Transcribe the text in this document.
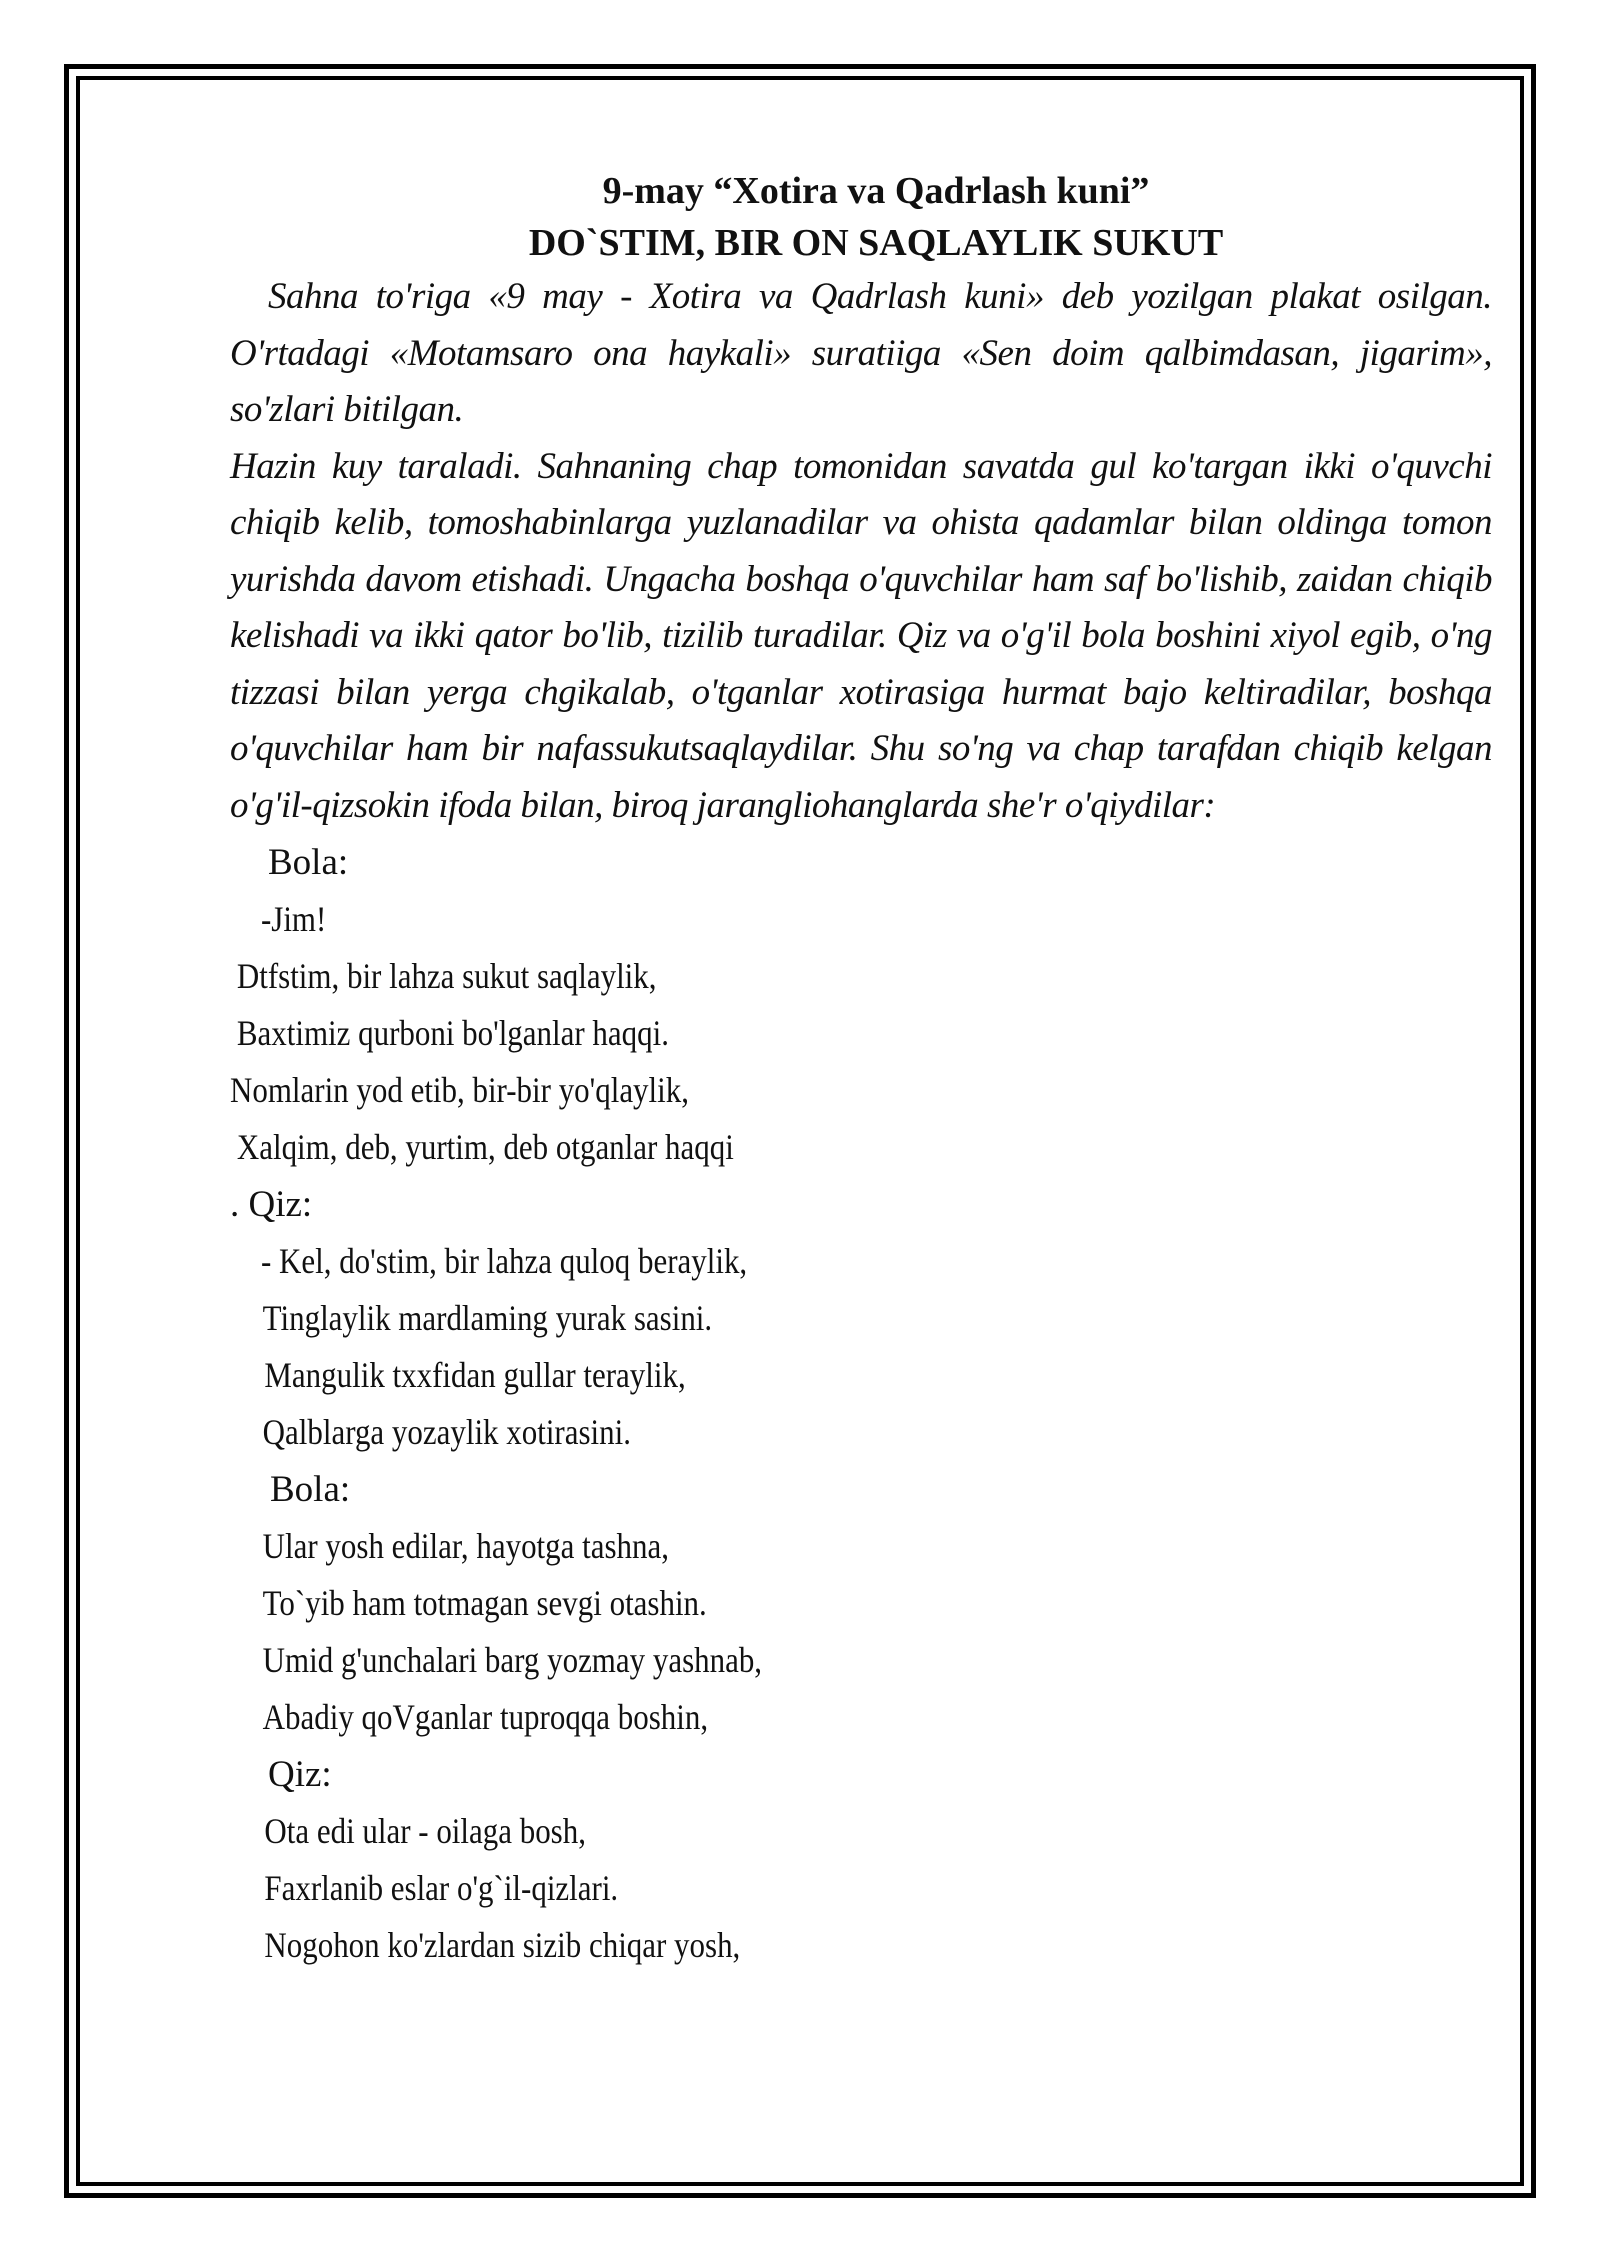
9-may “Xotira va Qadrlash kuni”
DO`STIM, BIR ON SAQLAYLIK SUKUT

Sahna to'riga «9 may - Xotira va Qadrlash kuni» deb yozilgan plakat osilgan. O'rtadagi «Motamsaro ona haykali» suratiiga «Sen doim qalbimdasan, jigarim», so'zlari bitilgan.

Hazin kuy taraladi. Sahnaning chap tomonidan savatda gul ko'targan ikki o'quvchi chiqib kelib, tomoshabinlarga yuzlanadilar va ohista qadamlar bilan oldinga tomon yurishda davom etishadi. Ungacha boshqa o'quvchilar ham saf bo'lishib, zaidan chiqib kelishadi va ikki qator bo'lib, tizilib turadilar. Qiz va o'g'il bola boshini xiyol egib, o'ng tizzasi bilan yerga chgikalab, o'tganlar xotirasiga hurmat bajo keltiradilar, boshqa o'quvchilar ham bir nafassukutsaqlaydilar. Shu so'ng va chap tarafdan chiqib kelgan o'g'il-qizsokin ifoda bilan, biroq jarangliohanglarda she'r o'qiydilar:

Bola:
-Jim!
Dtfstim, bir lahza sukut saqlaylik,
Baxtimiz qurboni bo'lganlar haqqi.
Nomlarin yod etib, bir-bir yo'qlaylik,
Xalqim, deb, yurtim, deb otganlar haqqi
. Qiz:
- Kel, do'stim, bir lahza quloq beraylik,
Tinglaylik mardlaming yurak sasini.
Mangulik txxfidan gullar teraylik,
Qalblarga yozaylik xotirasini.
Bola:
Ular yosh edilar, hayotga tashna,
To`yib ham totmagan sevgi otashin.
Umid g'unchalari barg yozmay yashnab,
Abadiy qoVganlar tuproqqa boshin,
Qiz:
Ota edi ular - oilaga bosh,
Faxrlanib eslar o'g`il-qizlari.
Nogohon ko'zlardan sizib chiqar yosh,
